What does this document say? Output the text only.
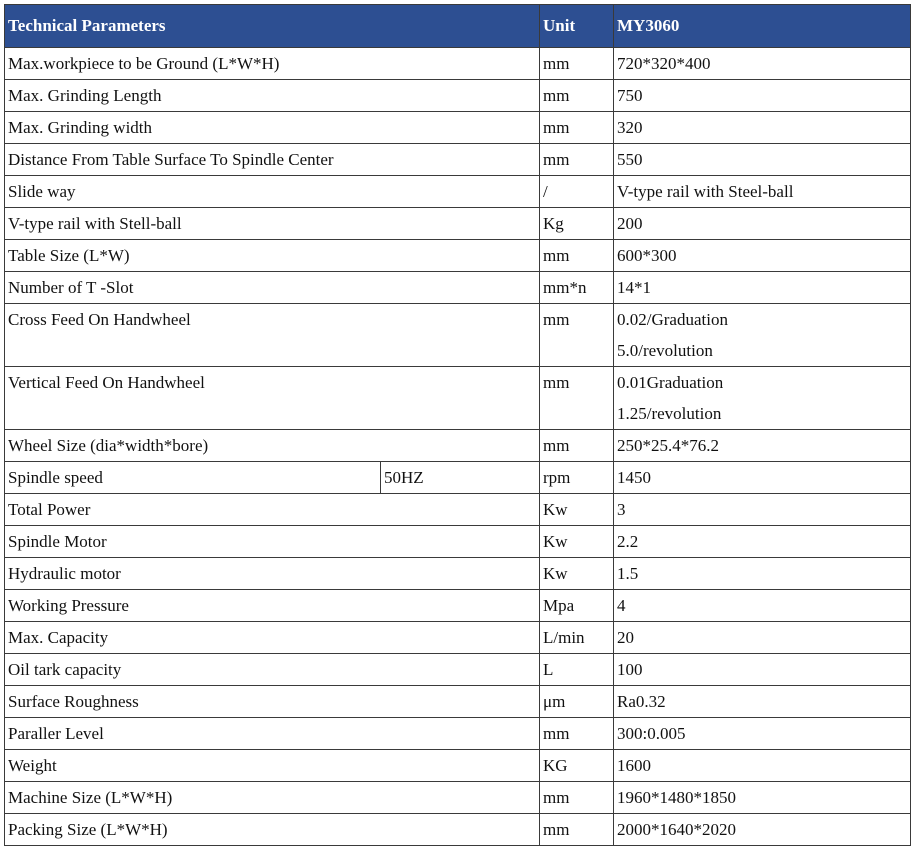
Technical Parameters		Unit	MY3060
Max.workpiece to be Ground (L*W*H)		mm	720*320*400

Max. Grinding Length		mm	750

Max. Grinding width		mm	320

Distance From Table Surface To Spindle Center		mm	550

Slide way		/	V-type rail with Steel-ball

V-type rail with Stell-ball		Kg	200

Table Size (L*W)		mm	600*300

Number of T -Slot		mm*n	14*1

Cross Feed On Handwheel		mm	0.02/Graduation
5.0/revolution

Vertical Feed On Handwheel		mm	0.01Graduation
1.25/revolution

Wheel Size (dia*width*bore)		mm	250*25.4*76.2

Spindle speed	50HZ	rpm	1450

Total Power		Kw	3

Spindle Motor		Kw	2.2

Hydraulic motor		Kw	1.5

Working Pressure		Mpa	4

Max. Capacity		L/min	20

Oil tark capacity		L	100

Surface Roughness		μm	Ra0.32

Paraller Level		mm	300:0.005

Weight		KG	1600

Machine Size (L*W*H)		mm	1960*1480*1850

Packing Size (L*W*H)		mm	2000*1640*2020
